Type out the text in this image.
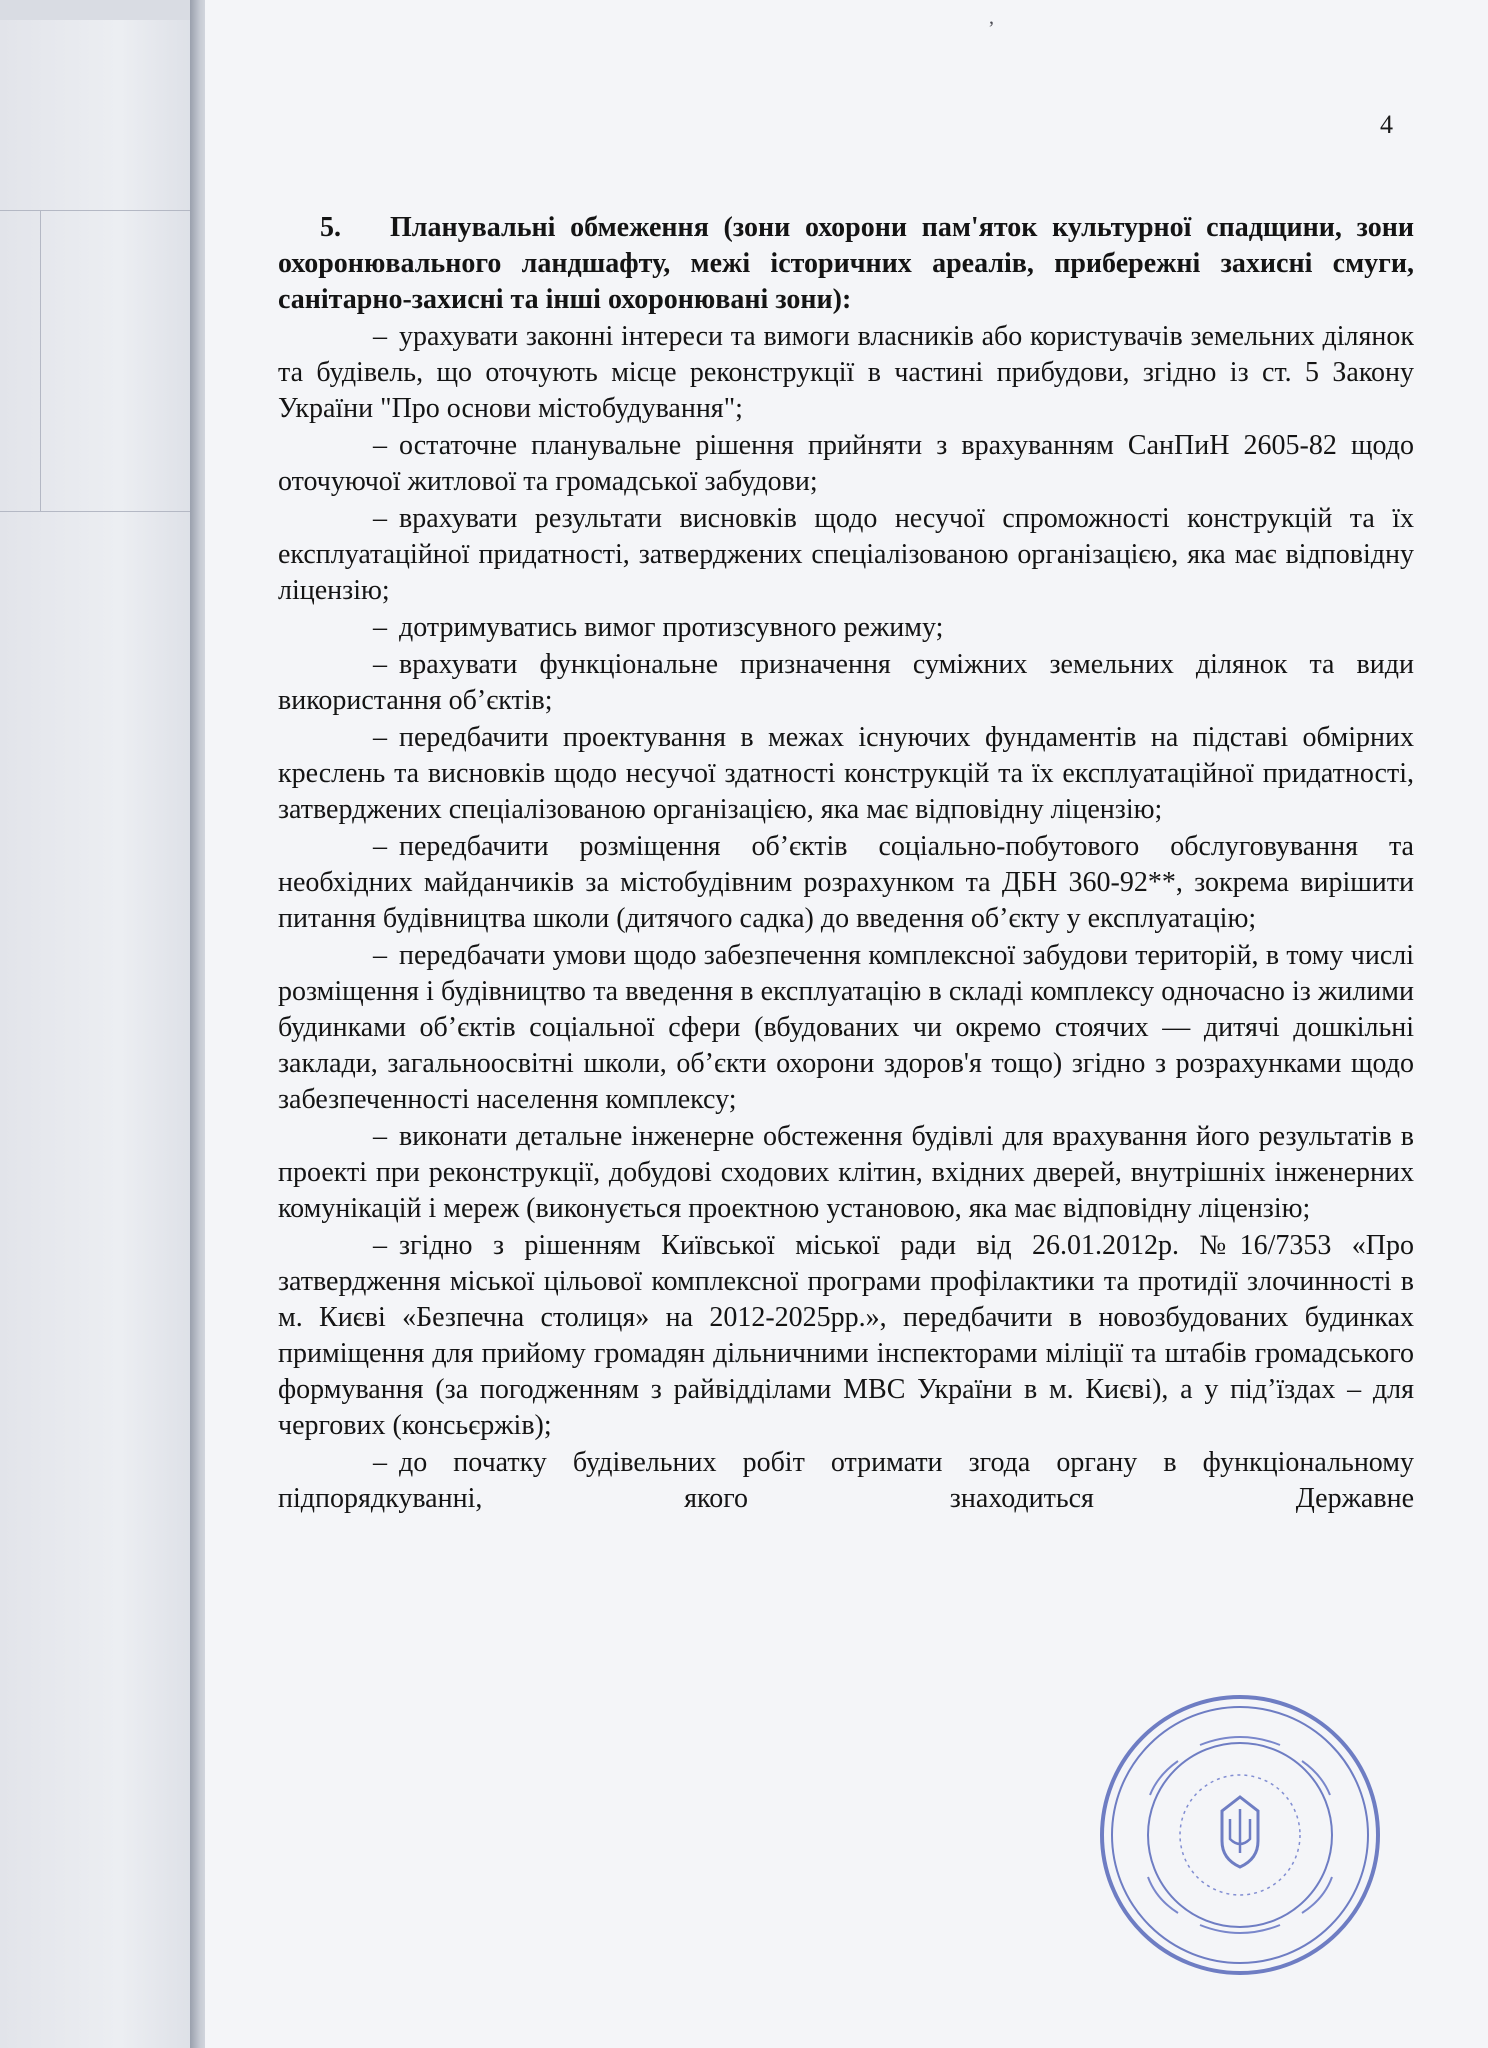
4

5. Планувальні обмеження (зони охорони пам'яток культурної спадщини, зони охоронювального ландшафту, межі історичних ареалів, прибережні захисні смуги, санітарно-захисні та інші охоронювані зони):

– урахувати законні інтереси та вимоги власників або користувачів земельних ділянок та будівель, що оточують місце реконструкції в частині прибудови, згідно із ст. 5 Закону України "Про основи містобудування";

– остаточне планувальне рішення прийняти з врахуванням СанПиН 2605-82 щодо оточуючої житлової та громадської забудови;

– врахувати результати висновків щодо несучої спроможності конструкцій та їх експлуатаційної придатності, затверджених спеціалізованою організацією, яка має відповідну ліцензію;

– дотримуватись вимог протизсувного режиму;

– врахувати функціональне призначення суміжних земельних ділянок та види використання об’єктів;

– передбачити проектування в межах існуючих фундаментів на підставі обмірних креслень та висновків щодо несучої здатності конструкцій та їх експлуатаційної придатності, затверджених спеціалізованою організацією, яка має відповідну ліцензію;

– передбачити розміщення об’єктів соціально-побутового обслуговування та необхідних майданчиків за містобудівним розрахунком та ДБН 360-92**, зокрема вирішити питання будівництва школи (дитячого садка) до введення об’єкту у експлуатацію;

– передбачати умови щодо забезпечення комплексної забудови територій, в тому числі розміщення і будівництво та введення в експлуатацію в складі комплексу одночасно із жилими будинками об’єктів соціальної сфери (вбудованих чи окремо стоячих — дитячі дошкільні заклади, загальноосвітні школи, об’єкти охорони здоров'я тощо) згідно з розрахунками щодо забезпеченності населення комплексу;

– виконати детальне інженерне обстеження будівлі для врахування його результатів в проекті при реконструкції, добудові сходових клітин, вхідних дверей, внутрішніх інженерних комунікацій і мереж (виконується проектною установою, яка має відповідну ліцензію;

– згідно з рішенням Київської міської ради від 26.01.2012р. №16/7353 «Про затвердження міської цільової комплексної програми профілактики та протидії злочинності в м. Києві «Безпечна столиця» на 2012-2025рр.», передбачити в новозбудованих будинках приміщення для прийому громадян дільничними інспекторами міліції та штабів громадського формування (за погодженням з райвідділами МВС України в м. Києві), а у під’їздах – для чергових (консьєржів);

– до початку будівельних робіт отримати згода органу в функціональному підпорядкуванні, якого знаходиться Державне

ʼ
